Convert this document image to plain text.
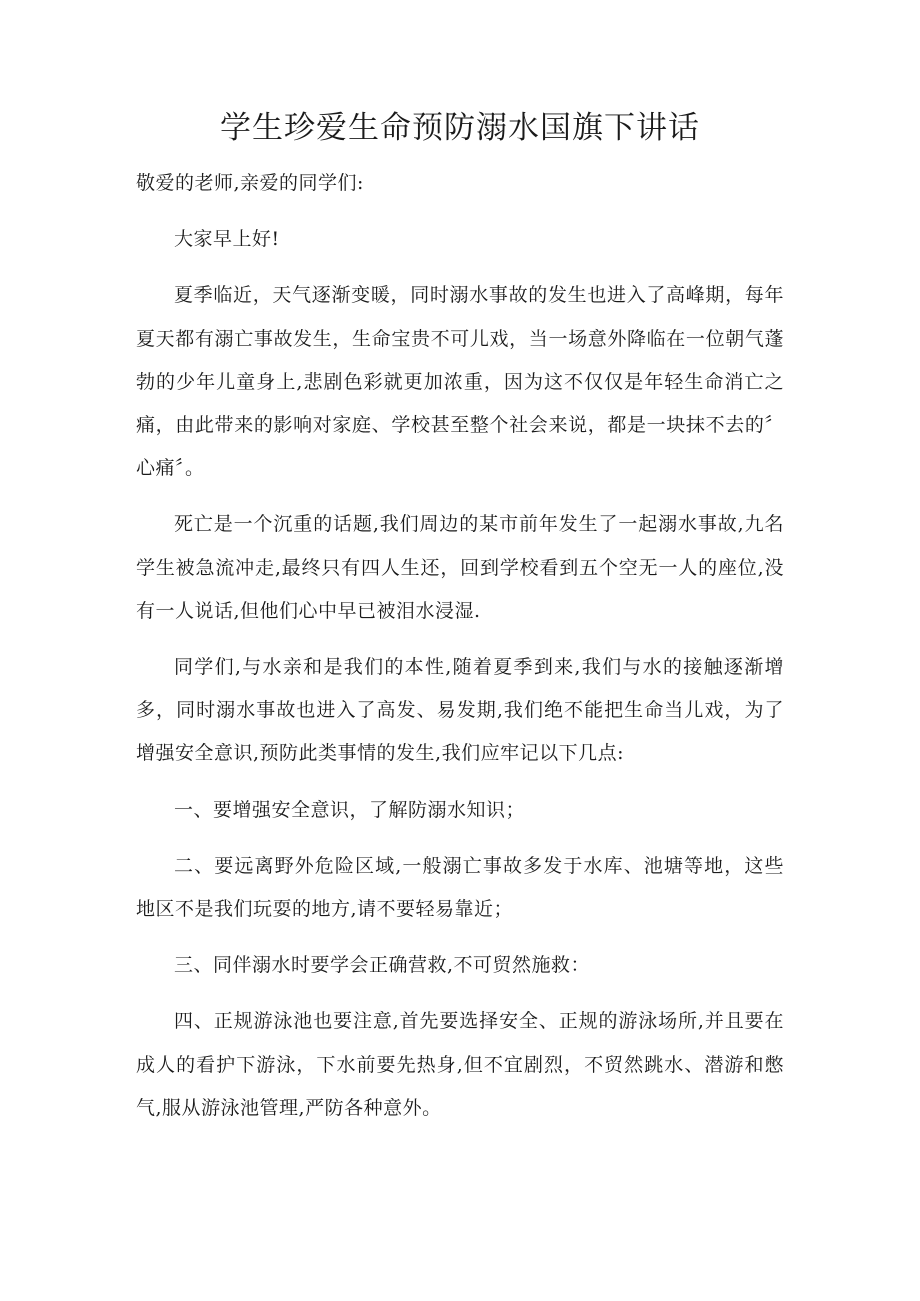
学生珍爱生命预防溺水国旗下讲话

敬爱的老师,亲爱的同学们:

大家早上好!

夏季临近，天气逐渐变暖，同时溺水事故的发生也进入了高峰期，每年夏天都有溺亡事故发生，生命宝贵不可儿戏，当一场意外降临在一位朝气蓬勃的少年儿童身上,悲剧色彩就更加浓重，因为这不仅仅是年轻生命消亡之痛，由此带来的影响对家庭、学校甚至整个社会来说，都是一块抹不去的〞心痛〞。

死亡是一个沉重的话题,我们周边的某市前年发生了一起溺水事故,九名学生被急流冲走,最终只有四人生还，回到学校看到五个空无一人的座位,没有一人说话,但他们心中早已被泪水浸湿.

同学们,与水亲和是我们的本性,随着夏季到来,我们与水的接触逐渐增多，同时溺水事故也进入了高发、易发期,我们绝不能把生命当儿戏，为了增强安全意识,预防此类事情的发生,我们应牢记以下几点:

一、要增强安全意识，了解防溺水知识；

二、要远离野外危险区域,一般溺亡事故多发于水库、池塘等地，这些地区不是我们玩耍的地方,请不要轻易靠近；

三、同伴溺水时要学会正确营救,不可贸然施救：

四、正规游泳池也要注意,首先要选择安全、正规的游泳场所,并且要在成人的看护下游泳，下水前要先热身,但不宜剧烈，不贸然跳水、潜游和憋气,服从游泳池管理,严防各种意外。
